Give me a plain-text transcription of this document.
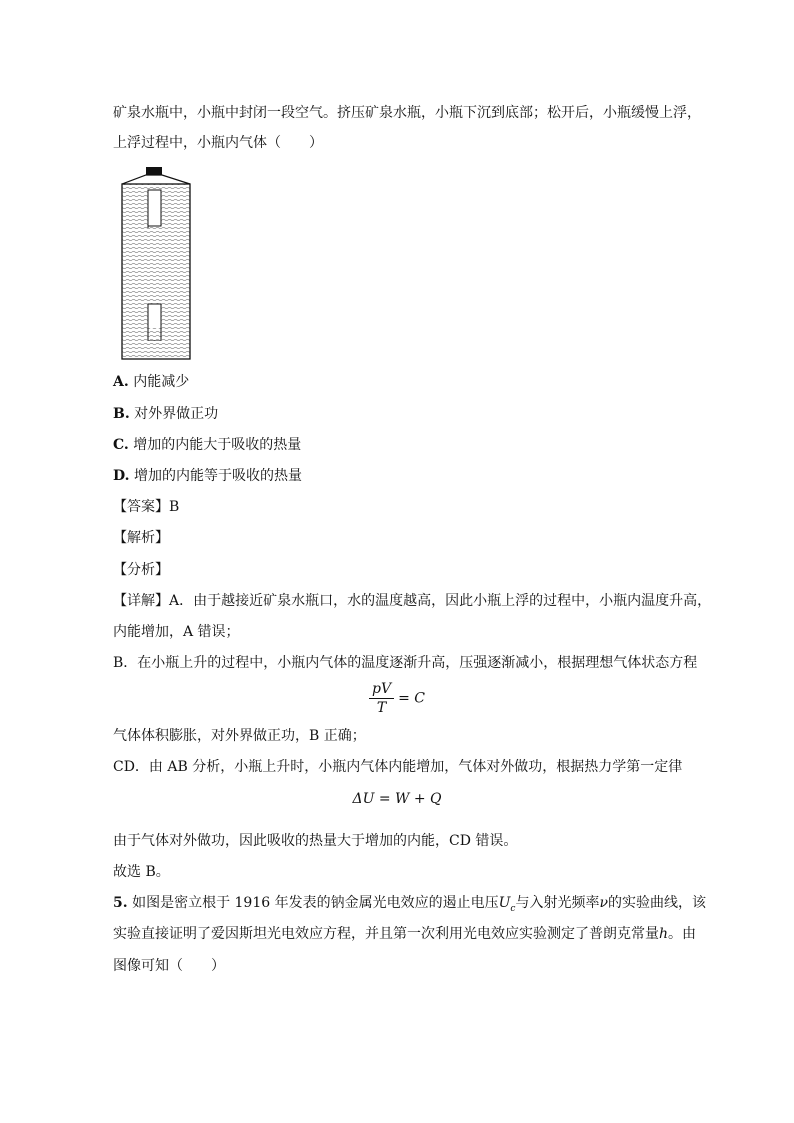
矿泉水瓶中，小瓶中封闭一段空气。挤压矿泉水瓶，小瓶下沉到底部；松开后，小瓶缓慢上浮，
上浮过程中，小瓶内气体（　　）
A. 内能减少
B. 对外界做正功
C. 增加的内能大于吸收的热量
D. 增加的内能等于吸收的热量
【答案】B
【解析】
【分析】
【详解】A．由于越接近矿泉水瓶口，水的温度越高，因此小瓶上浮的过程中，小瓶内温度升高，
内能增加，A 错误；
B．在小瓶上升的过程中，小瓶内气体的温度逐渐升高，压强逐渐减小，根据理想气体状态方程
$\frac{pV}{T} = C$
气体体积膨胀，对外界做正功，B 正确；
CD．由 AB 分析，小瓶上升时，小瓶内气体内能增加，气体对外做功，根据热力学第一定律
ΔU = W + Q
由于气体对外做功，因此吸收的热量大于增加的内能，CD 错误。
故选 B。
5. 如图是密立根于 1916 年发表的钠金属光电效应的遏止电压$U_c$与入射光频率ν的实验曲线，该
实验直接证明了爱因斯坦光电效应方程，并且第一次利用光电效应实验测定了普朗克常量h。由
图像可知（　　）
